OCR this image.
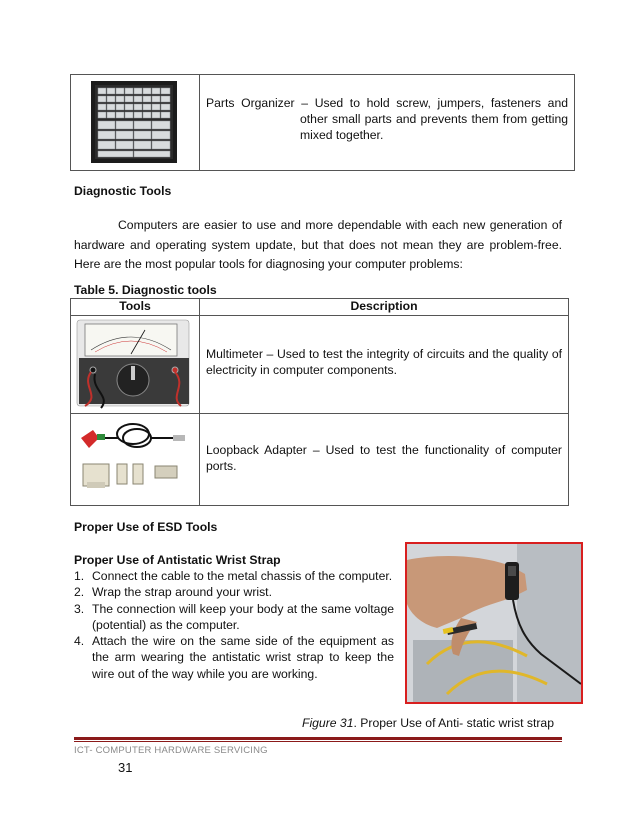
Parts Organizer – Used to hold screw, jumpers, fasteners and
other small parts and prevents them from getting mixed together.
Diagnostic Tools
Computers are easier to use and more dependable with each new generation of hardware and operating system update, but that does not mean they are problem-free. Here are the most popular tools for diagnosing your computer problems:
Table 5. Diagnostic tools
Tools	Description

Multimeter – Used to test the integrity of circuits and the quality of electricity in computer components.

Loopback Adapter – Used to test the functionality of computer ports.
Proper Use of ESD Tools
Proper Use of Antistatic Wrist Strap
1. Connect the cable to the metal chassis of the computer.
2. Wrap the strap around your wrist.
3. The connection will keep your body at the same voltage (potential) as the computer.
4. Attach the wire on the same side of the equipment as the arm wearing the antistatic wrist strap to keep the wire out of the way while you are working.
Figure 31. Proper Use of Anti- static wrist strap
ICT- COMPUTER HARDWARE SERVICING
31
